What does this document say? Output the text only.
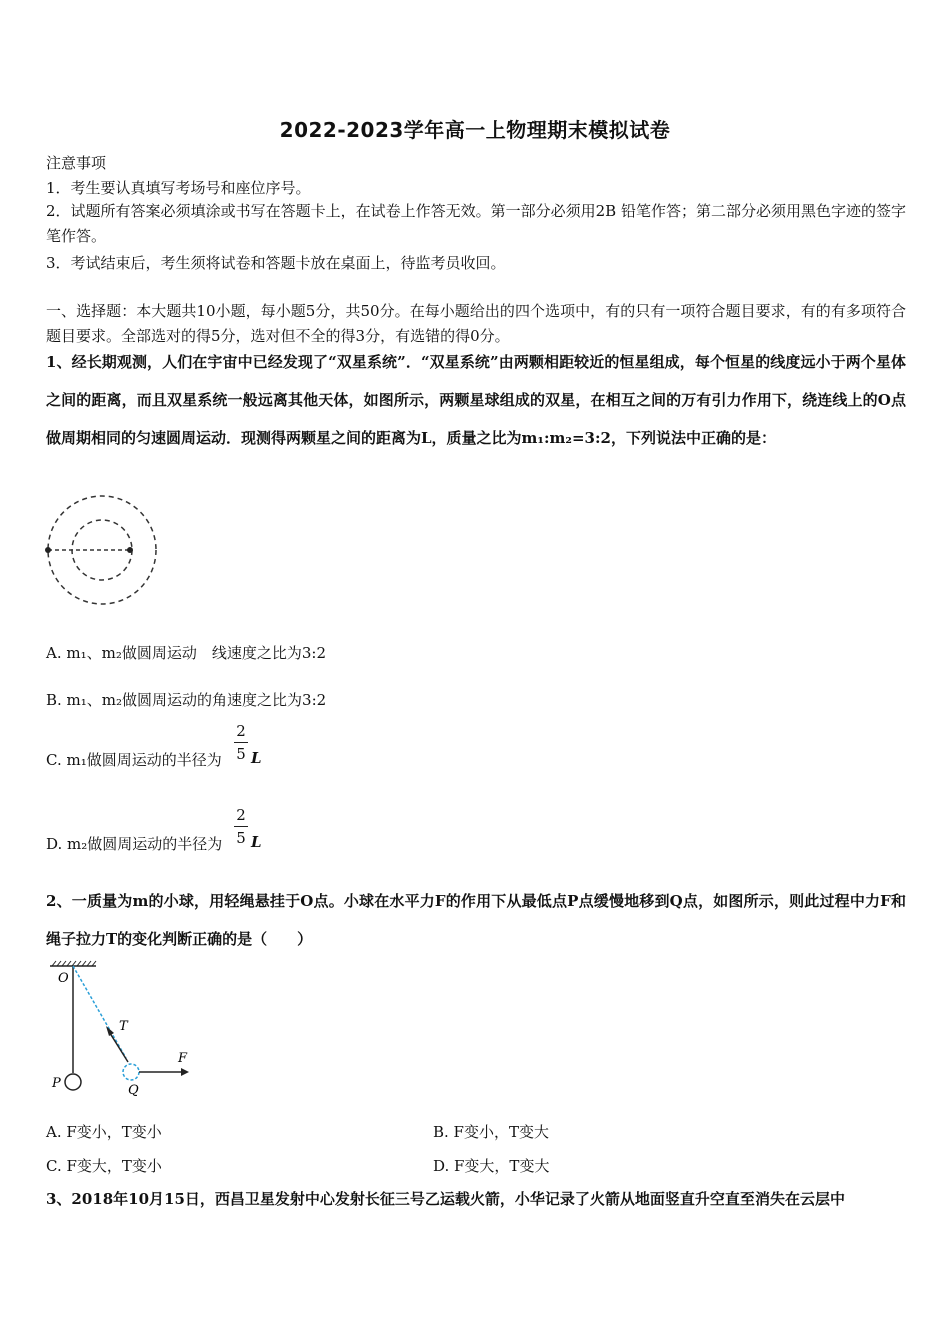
2022-2023学年高一上物理期末模拟试卷
注意事项
1．考生要认真填写考场号和座位序号。
2．试题所有答案必须填涂或书写在答题卡上，在试卷上作答无效。第一部分必须用2B 铅笔作答；第二部分必须用黑色字迹的签字笔作答。
3．考试结束后，考生须将试卷和答题卡放在桌面上，待监考员收回。
一、选择题：本大题共10小题，每小题5分，共50分。在每小题给出的四个选项中，有的只有一项符合题目要求，有的有多项符合题目要求。全部选对的得5分，选对但不全的得3分，有选错的得0分。
1、经长期观测，人们在宇宙中已经发现了“双星系统”．“双星系统”由两颗相距较近的恒星组成，每个恒星的线度远小于两个星体之间的距离，而且双星系统一般远离其他天体，如图所示，两颗星球组成的双星，在相互之间的万有引力作用下，绕连线上的O点做周期相同的匀速圆周运动．现测得两颗星之间的距离为L，质量之比为m₁:m₂=3:2，下列说法中正确的是：
A. m₁、m₂做圆周运动　线速度之比为3:2
B. m₁、m₂做圆周运动的角速度之比为3:2
C. m₁做圆周运动的半径为
2
5 L
D. m₂做圆周运动的半径为
2
5 L
2、一质量为m的小球，用轻绳悬挂于O点。小球在水平力F的作用下从最低点P点缓慢地移到Q点，如图所示，则此过程中力F和绳子拉力T的变化判断正确的是（　　）
O
P
T
Q
F
A. F变小，T变小	B. F变小，T变大
C. F变大，T变小	D. F变大，T变大
3、2018年10月15日，西昌卫星发射中心发射长征三号乙运载火箭，小华记录了火箭从地面竖直升空直至消失在云层中
